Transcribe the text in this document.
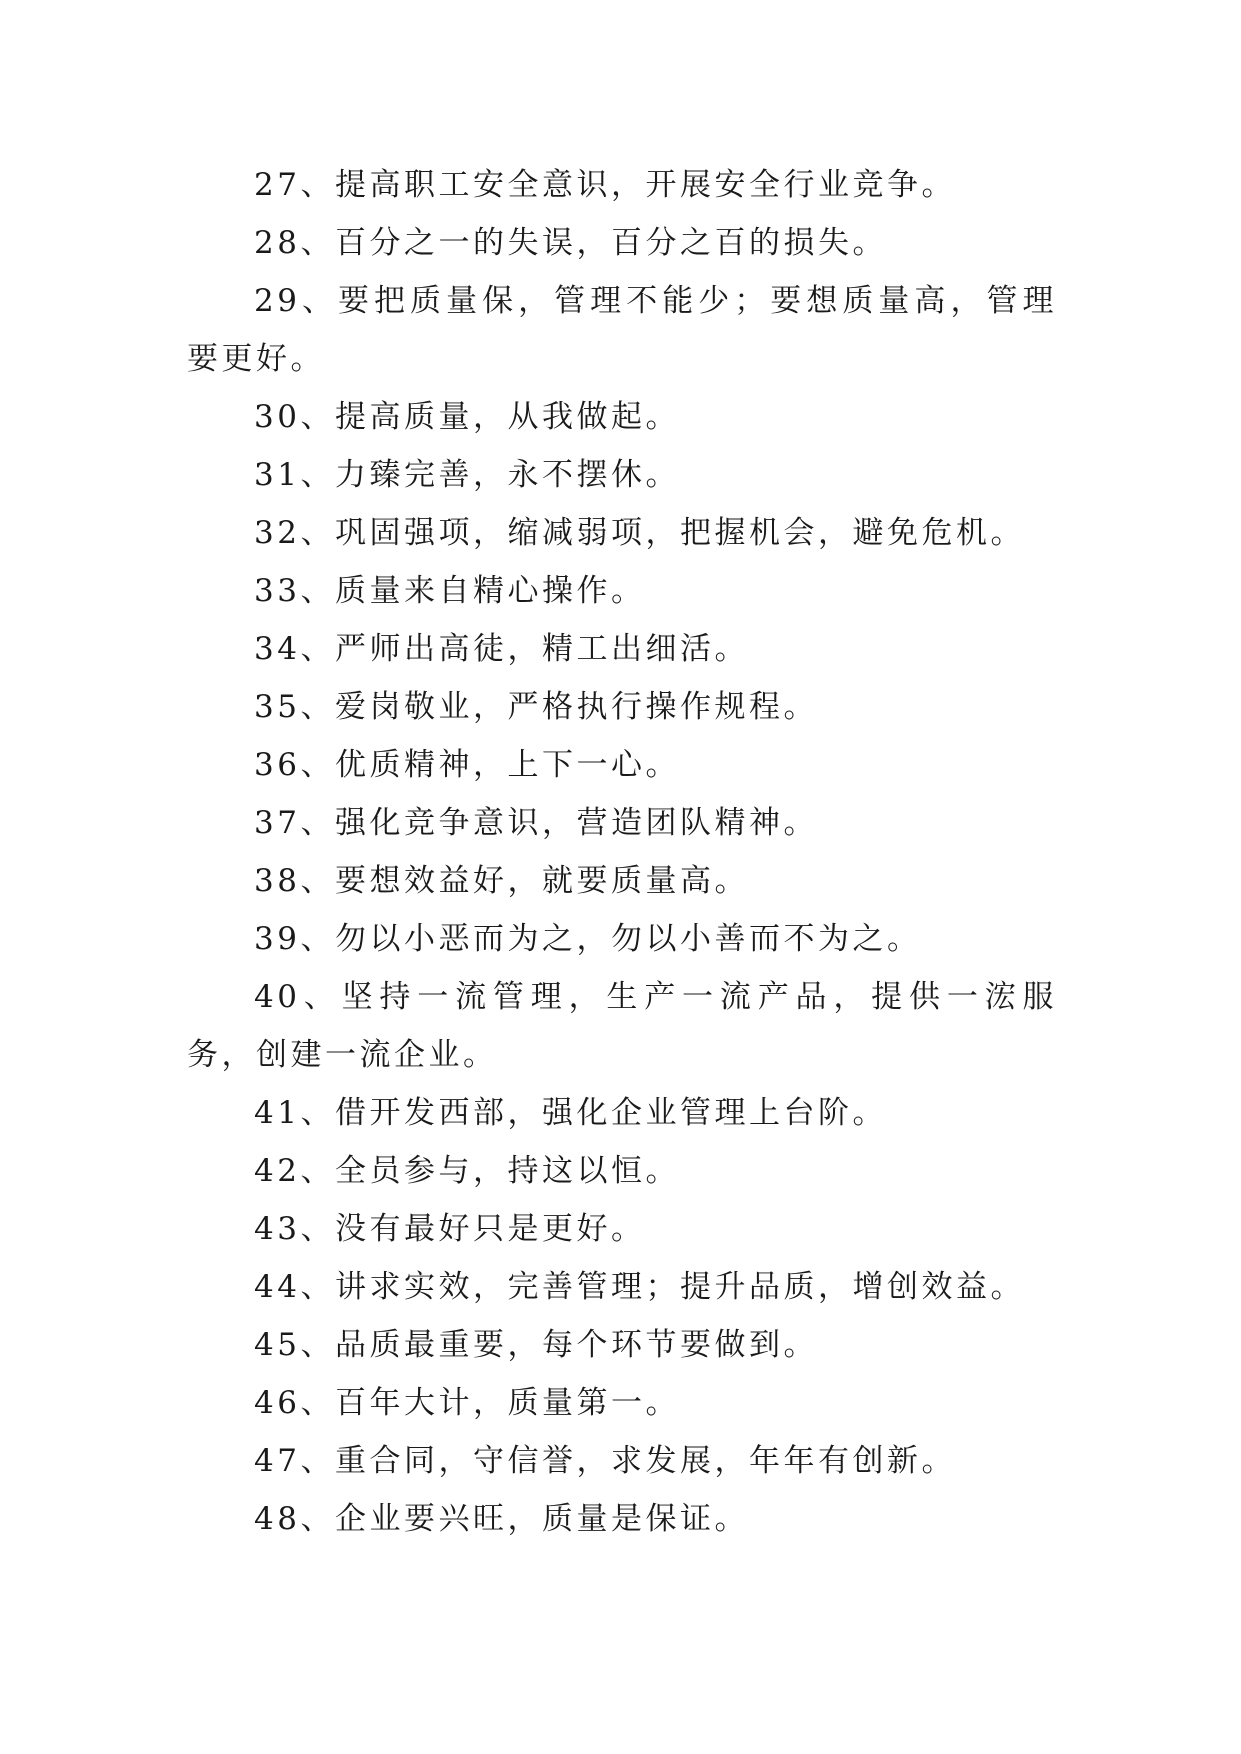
27、提高职工安全意识，开展安全行业竞争。

28、百分之一的失误，百分之百的损失。

29、要把质量保，管理不能少；要想质量高，管理要更好。

30、提高质量，从我做起。

31、力臻完善，永不摆休。

32、巩固强项，缩减弱项，把握机会，避免危机。

33、质量来自精心操作。

34、严师出高徒，精工出细活。

35、爱岗敬业，严格执行操作规程。

36、优质精神，上下一心。

37、强化竞争意识，营造团队精神。

38、要想效益好，就要质量高。

39、勿以小恶而为之，勿以小善而不为之。

40、坚持一流管理，生产一流产品，提供一浤服务，创建一流企业。

41、借开发西部，强化企业管理上台阶。

42、全员参与，持这以恒。

43、没有最好只是更好。

44、讲求实效，完善管理；提升品质，增创效益。

45、品质最重要，每个环节要做到。

46、百年大计，质量第一。

47、重合同，守信誉，求发展，年年有创新。

48、企业要兴旺，质量是保证。
